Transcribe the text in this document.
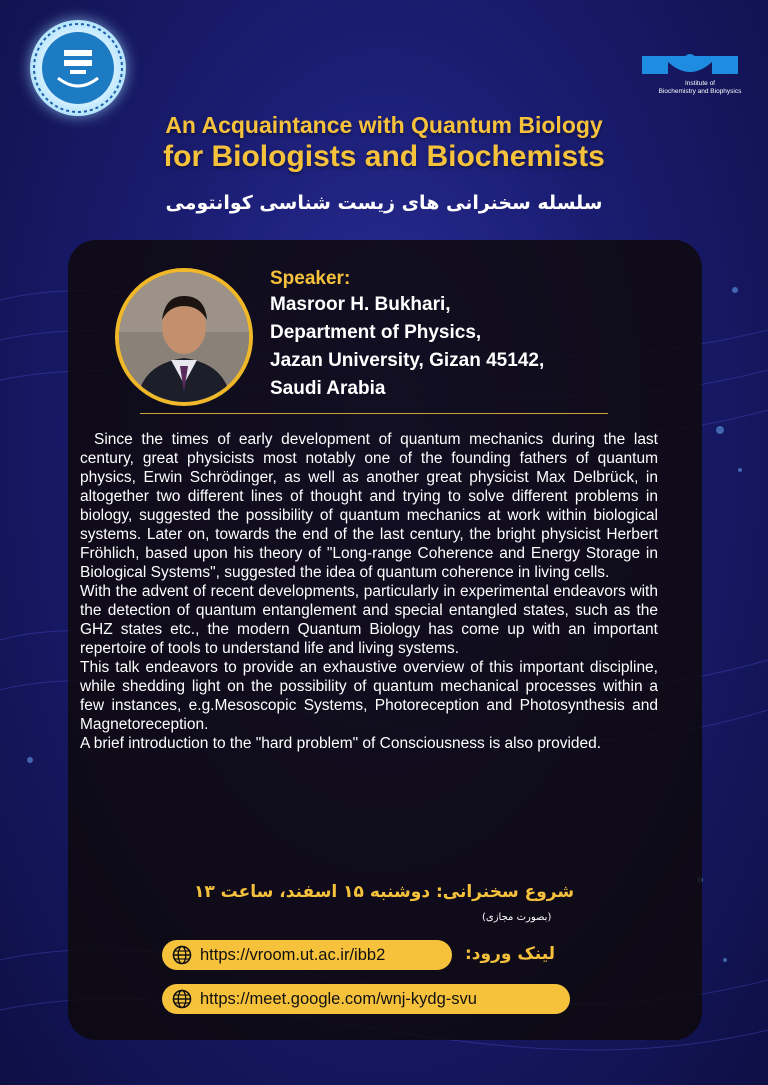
Institute of
Biochemistry and Biophysics
An Acquaintance with Quantum Biology
for Biologists and Biochemists
سلسله سخنرانی های زیست شناسی کوانتومی
Speaker:
Masroor H. Bukhari,
Department of Physics,
Jazan University, Gizan 45142,
Saudi Arabia

Since the times of early development of quantum mechanics during the last century, great physicists most notably one of the founding fathers of quantum physics, Erwin Schrödinger, as well as another great physicist Max Delbrück, in altogether two different lines of thought and trying to solve different problems in biology, suggested the possibility of quantum mechanics at work within biological systems. Later on, towards the end of the last century, the bright physicist Herbert Fröhlich, based upon his theory of "Long-range Coherence and Energy Storage in Biological Systems", suggested the idea of quantum coherence in living cells.

With the advent of recent developments, particularly in experimental endeavors with the detection of quantum entanglement and special entangled states, such as the GHZ states etc., the modern Quantum Biology has come up with an important repertoire of tools to understand life and living systems.

This talk endeavors to provide an exhaustive overview of this important discipline, while shedding light on the possibility of quantum mechanical processes within a few instances, e.g.Mesoscopic Systems, Photoreception and Photosynthesis and Magnetoreception.

A brief introduction to the "hard problem" of Consciousness is also provided.

شروع سخنرانی: دوشنبه ۱۵ اسفند، ساعت ۱۳
(بصورت مجازی)
https://vroom.ut.ac.ir/ibb2	لینک ورود:
https://meet.google.com/wnj-kydg-svu
